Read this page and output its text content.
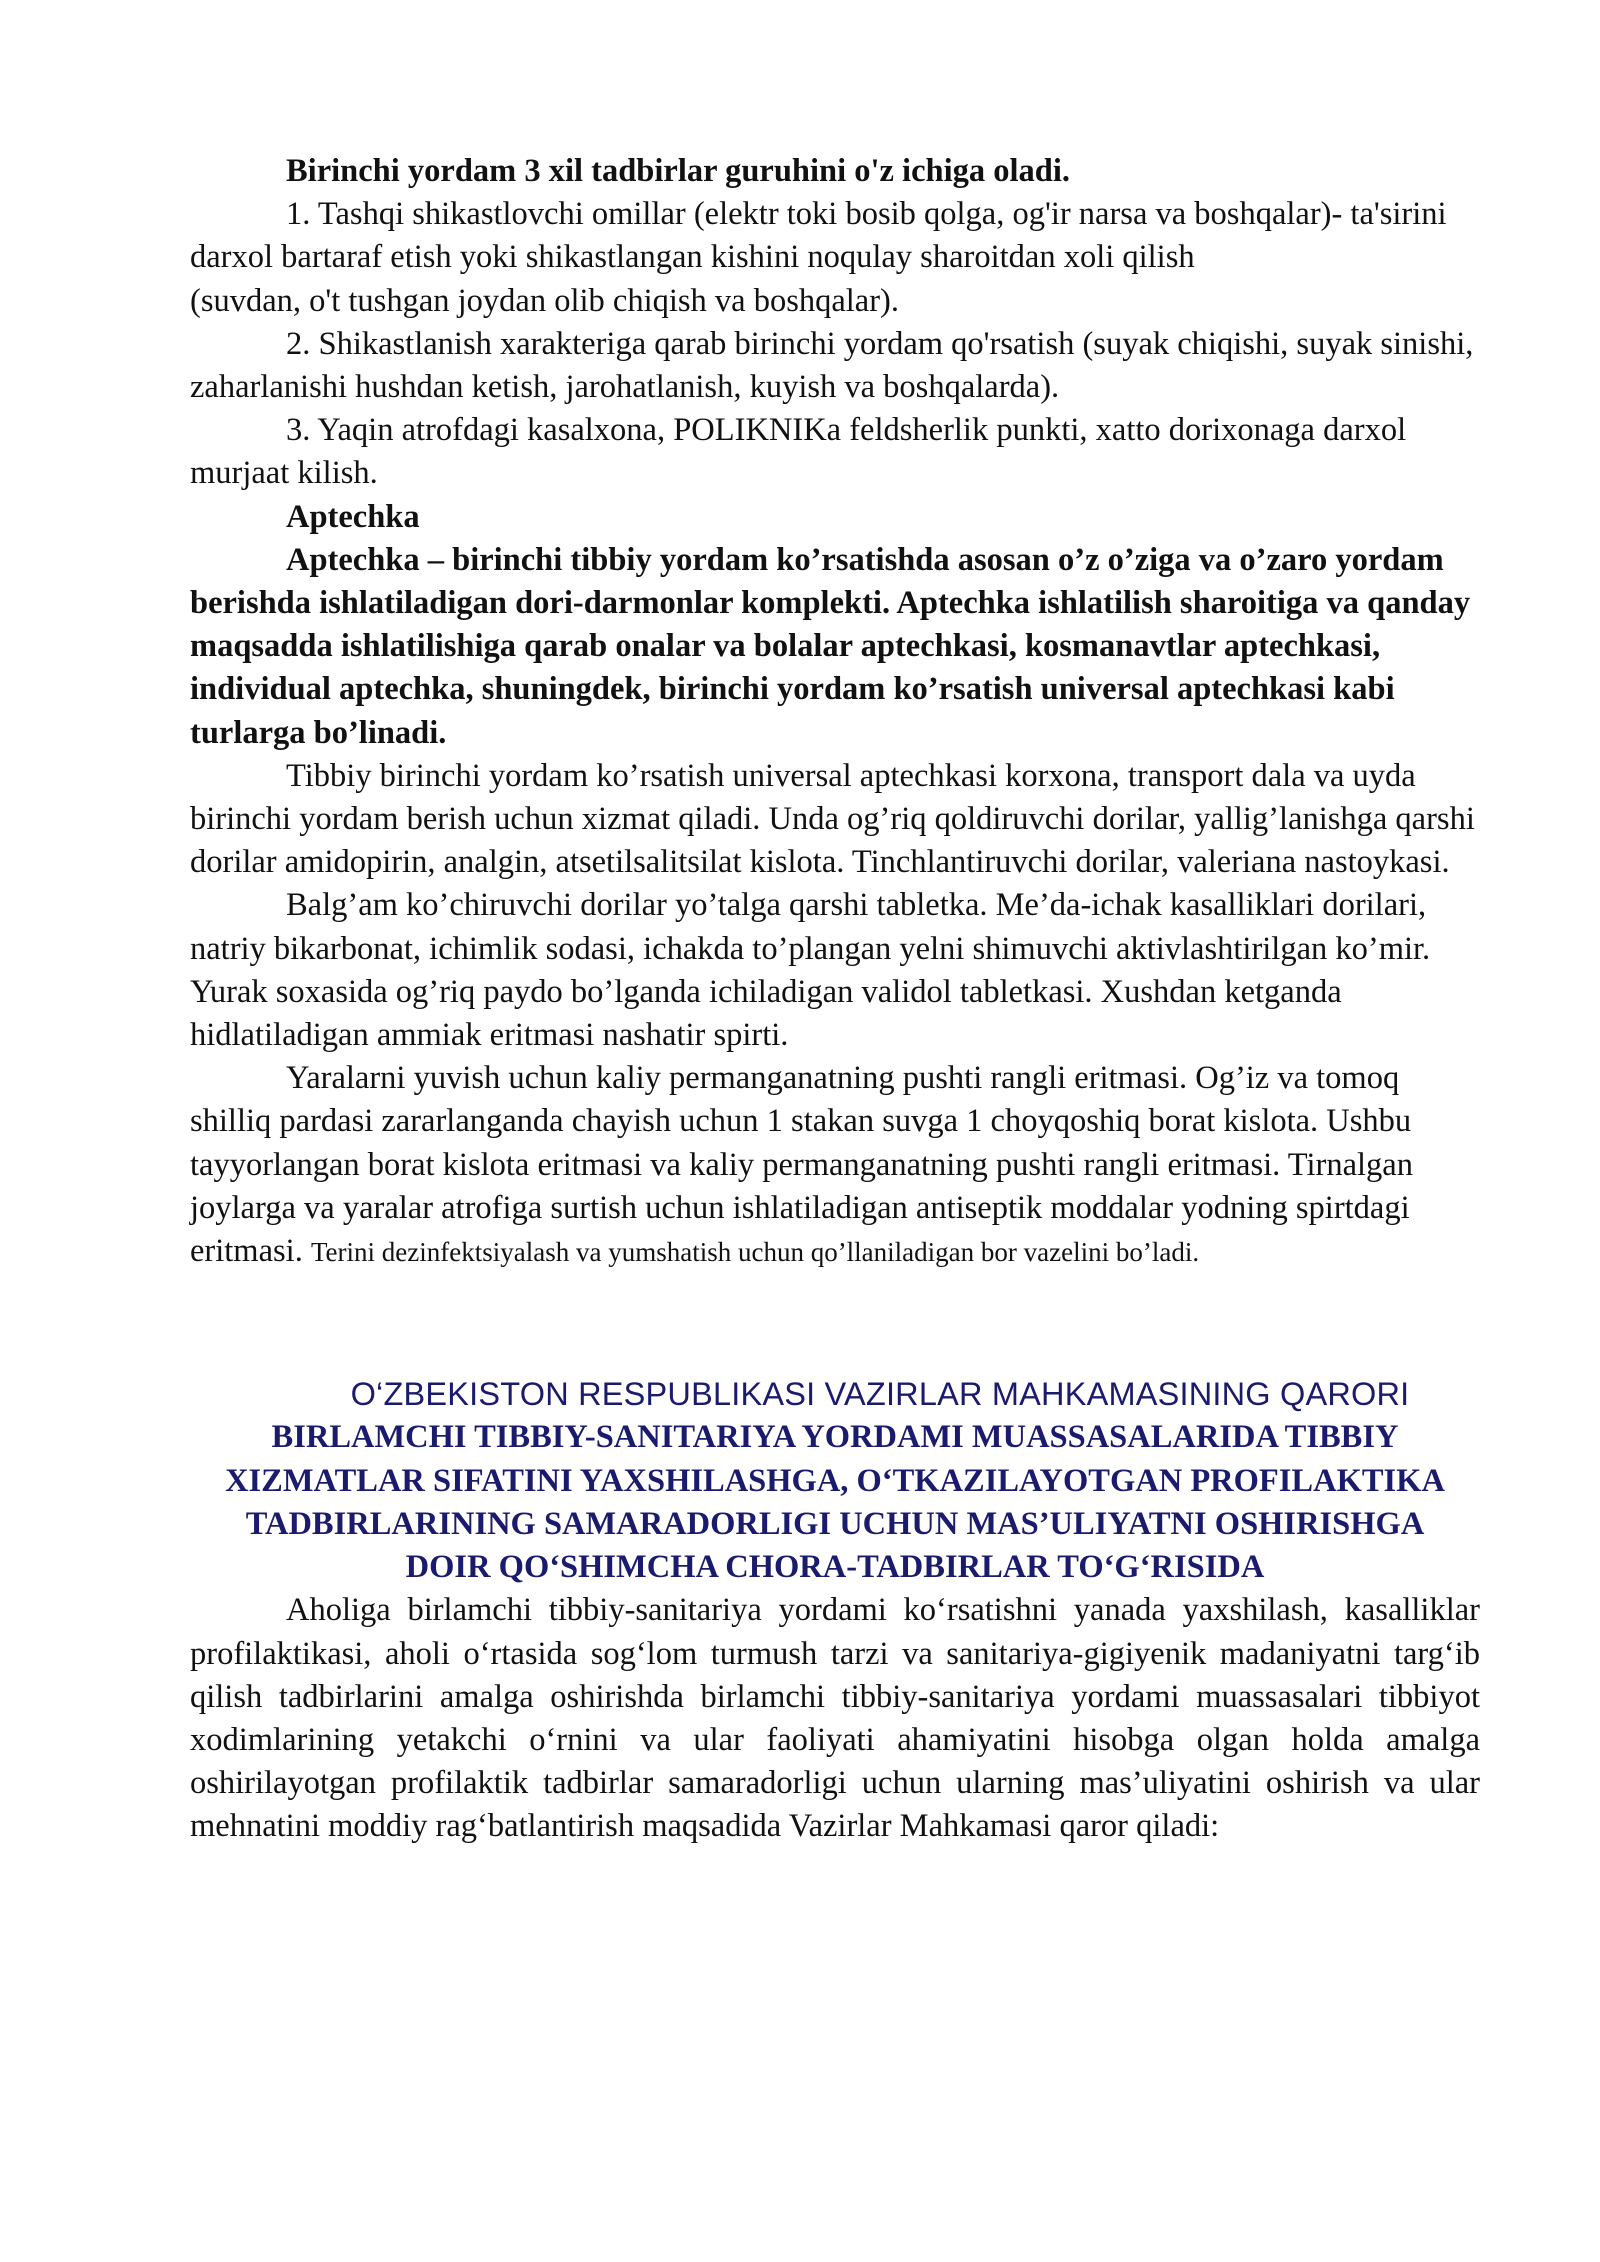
Birinchi yordam 3 xil tadbirlar guruhini o'z ichiga oladi.

1. Tashqi shikastlovchi omillar (elektr toki bosib qolga, og'ir narsa va boshqalar)- ta'sirini darxol bartaraf etish yoki shikastlangan kishini noqulay sharoitdan xoli qilish

(suvdan, o't tushgan joydan olib chiqish va boshqalar).

2. Shikastlanish xarakteriga qarab birinchi yordam qo'rsatish (suyak chiqishi, suyak sinishi, zaharlanishi hushdan ketish, jarohatlanish, kuyish va boshqalarda).

3. Yaqin atrofdagi kasalxona, POLIKNIKa feldsherlik punkti, xatto dorixonaga darxol murjaat kilish.

Aptechka

Aptechka – birinchi tibbiy yordam ko’rsatishda asosan o’z o’ziga va o’zaro yordam berishda ishlatiladigan dori-darmonlar komplekti. Aptechka ishlatilish sharoitiga va qanday maqsadda ishlatilishiga qarab onalar va bolalar aptechkasi, kosmanavtlar aptechkasi, individual aptechka, shuningdek, birinchi yordam ko’rsatish universal aptechkasi kabi turlarga bo’linadi.

Tibbiy birinchi yordam ko’rsatish universal aptechkasi korxona, transport dala va uyda birinchi yordam berish uchun xizmat qiladi. Unda og’riq qoldiruvchi dorilar, yallig’lanishga qarshi dorilar amidopirin, analgin, atsetilsalitsilat kislota. Tinchlantiruvchi dorilar, valeriana nastoykasi.

Balg’am ko’chiruvchi dorilar yo’talga qarshi tabletka. Me’da-ichak kasalliklari dorilari, natriy bikarbonat, ichimlik sodasi, ichakda to’plangan yelni shimuvchi aktivlashtirilgan ko’mir. Yurak soxasida og’riq paydo bo’lganda ichiladigan validol tabletkasi. Xushdan ketganda hidlatiladigan ammiak eritmasi nashatir spirti.

Yaralarni yuvish uchun kaliy permanganatning pushti rangli eritmasi. Og’iz va tomoq shilliq pardasi zararlanganda chayish uchun 1 stakan suvga 1 choyqoshiq borat kislota. Ushbu tayyorlangan borat kislota eritmasi va kaliy permanganatning pushti rangli eritmasi. Tirnalgan joylarga va yaralar atrofiga surtish uchun ishlatiladigan antiseptik moddalar yodning spirtdagi eritmasi. Terini dezinfektsiyalash va yumshatish uchun qo’llaniladigan bor vazelini bo’ladi.

O‘ZBEKISTON RESPUBLIKASI VAZIRLAR MAHKAMASINING QARORI

BIRLAMCHI TIBBIY-SANITARIYA YORDAMI MUASSASALARIDA TIBBIY XIZMATLAR SIFATINI YAXSHILASHGA, O‘TKAZILAYOTGAN PROFILAKTIKA TADBIRLARINING SAMARADORLIGI UCHUN MAS’ULIYATNI OSHIRISHGA DOIR QO‘SHIMCHA CHORA-TADBIRLAR TO‘G‘RISIDA

Aholiga birlamchi tibbiy-sanitariya yordami ko‘rsatishni yanada yaxshilash, kasalliklar profilaktikasi, aholi o‘rtasida sog‘lom turmush tarzi va sanitariya-gigiyenik madaniyatni targ‘ib qilish tadbirlarini amalga oshirishda birlamchi tibbiy-sanitariya yordami muassasalari tibbiyot xodimlarining yetakchi o‘rnini va ular faoliyati ahamiyatini hisobga olgan holda amalga oshirilayotgan profilaktik tadbirlar samaradorligi uchun ularning mas’uliyatini oshirish va ular mehnatini moddiy rag‘batlantirish maqsadida Vazirlar Mahkamasi qaror qiladi:
